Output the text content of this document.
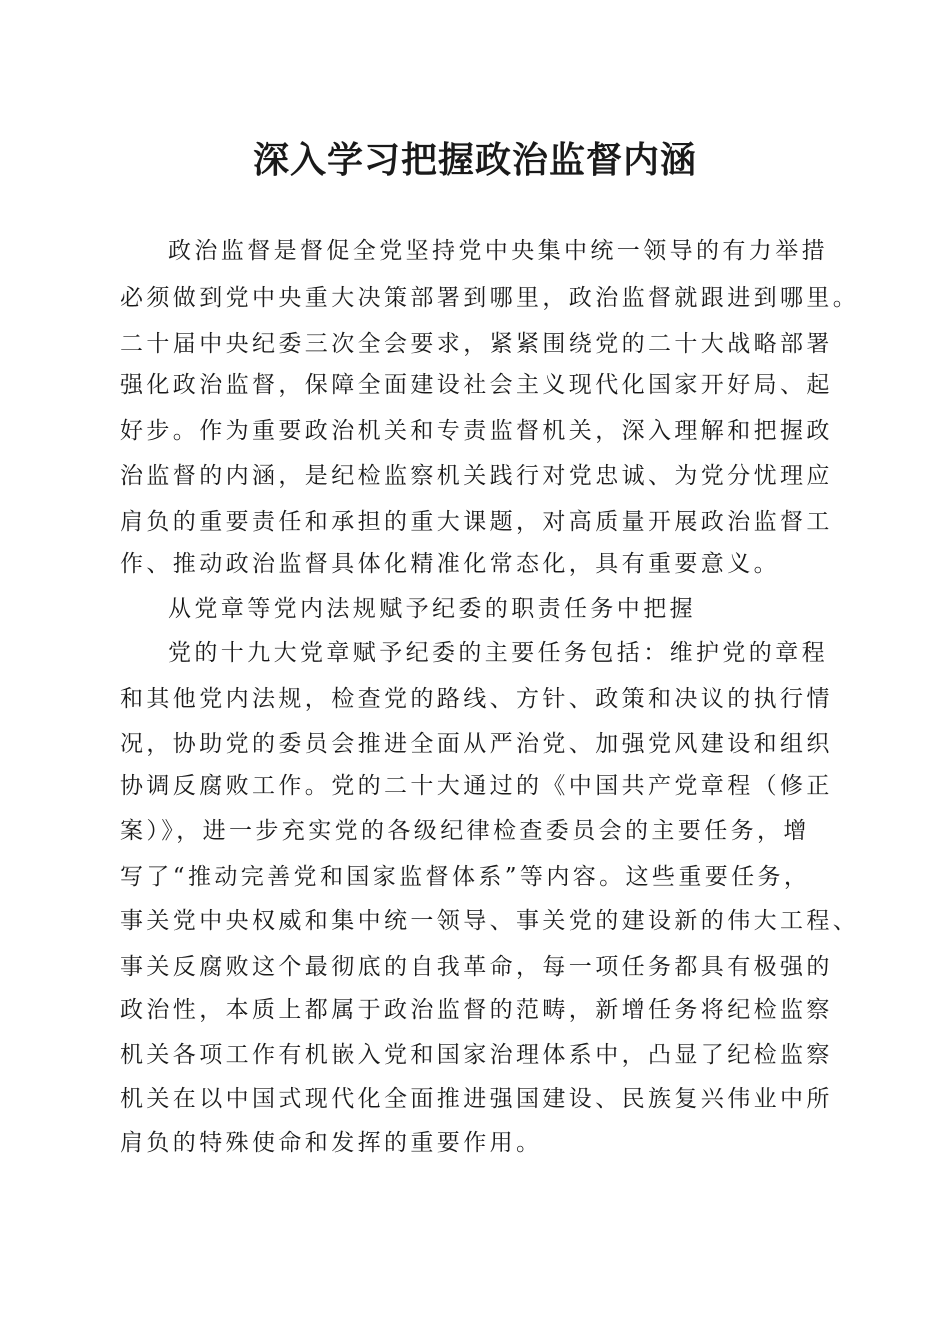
深入学习把握政治监督内涵
政治监督是督促全党坚持党中央集中统一领导的有力举措
必须做到党中央重大决策部署到哪里，政治监督就跟进到哪里。
二十届中央纪委三次全会要求，紧紧围绕党的二十大战略部署
强化政治监督，保障全面建设社会主义现代化国家开好局、起
好步。作为重要政治机关和专责监督机关，深入理解和把握政
治监督的内涵，是纪检监察机关践行对党忠诚、为党分忧理应
肩负的重要责任和承担的重大课题，对高质量开展政治监督工
作、推动政治监督具体化精准化常态化，具有重要意义。
从党章等党内法规赋予纪委的职责任务中把握
党的十九大党章赋予纪委的主要任务包括：维护党的章程
和其他党内法规，检查党的路线、方针、政策和决议的执行情
况，协助党的委员会推进全面从严治党、加强党风建设和组织
协调反腐败工作。党的二十大通过的《中国共产党章程（修正
案）》，进一步充实党的各级纪律检查委员会的主要任务，增
写了“推动完善党和国家监督体系”等内容。这些重要任务，
事关党中央权威和集中统一领导、事关党的建设新的伟大工程、
事关反腐败这个最彻底的自我革命，每一项任务都具有极强的
政治性，本质上都属于政治监督的范畴，新增任务将纪检监察
机关各项工作有机嵌入党和国家治理体系中，凸显了纪检监察
机关在以中国式现代化全面推进强国建设、民族复兴伟业中所
肩负的特殊使命和发挥的重要作用。
